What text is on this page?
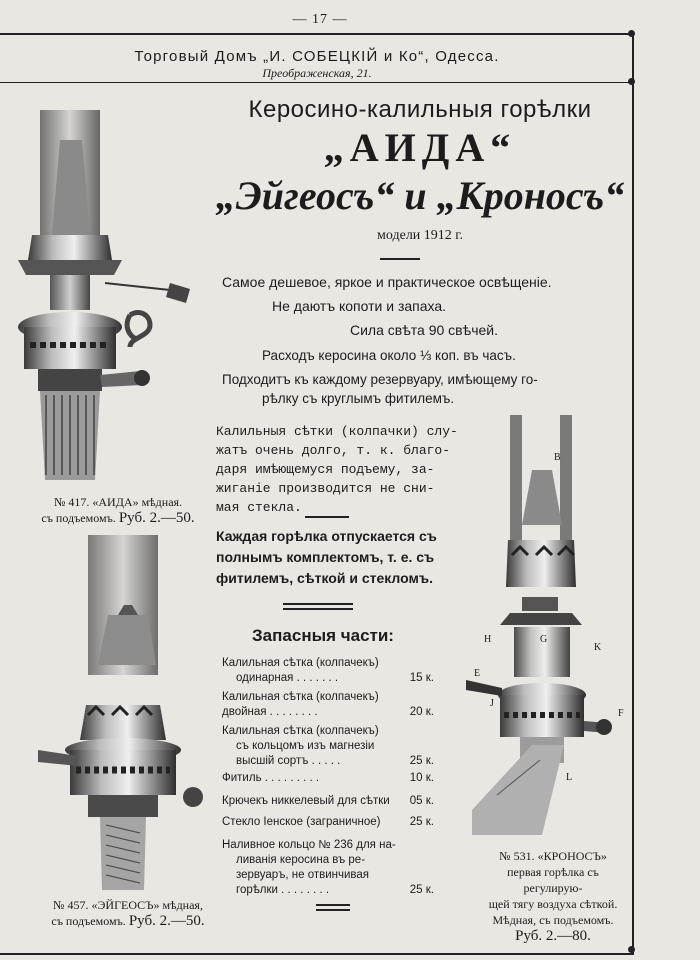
— 17 —
Торговый Домъ „И. СОБЕЦКІЙ и Ко“, Одесса.
Преображенская, 21.
Керосино-калильныя горѣлки
„АИДА“
„Эйгеосъ“ и „Кроносъ“
модели 1912 г.
Самое дешевое, яркое и практическое освѣщеніе.
Не даютъ копоти и запаха.
Сила свѣта 90 свѣчей.
Расходъ керосина около ⅓ коп. въ часъ.
Подходитъ къ каждому резервуару, имѣющему го-
рѣлку съ круглымъ фитилемъ.
Калильныя сѣтки (колпачки) слу-
жатъ очень долго, т. к. благо-
даря имѣющемуся подъему, за-
жиганіе производится не сни-
мая стекла.
Каждая горѣлка отпускается съ
полнымъ комплектомъ, т. е. съ
фитилемъ, сѣткой и стекломъ.
Запасныя части:
Калильная сѣтка (колпачекъ)
одинарная . . . . . . .	15 к.
Калильная сѣтка (колпачекъ)
двойная . . . . . . . .	20 к.
Калильная сѣтка (колпачекъ)
съ кольцомъ изъ магнезіи
высшій сортъ . . . . .	25 к.
Фитиль . . . . . . . . .	10 к.
Крючекъ никкелевый для сѣтки	05 к.
Стекло Іенское (заграничное)	25 к.
Наливное кольцо № 236 для на-
ливанія керосина въ ре-
зервуаръ, не отвинчивая
горѣлки . . . . . . . .	25 к.
№ 417. «АИДА» мѣдная.
съ подъемомъ. Руб. 2.—50.
№ 457. «ЭЙГЕОСЪ» мѣдная,
съ подъемомъ. Руб. 2.—50.
B
H	G
K
E
J
F
L
№ 531. «КРОНОСЪ»
первая горѣлка съ регулирую-
щей тягу воздуха сѣткой.
Мѣдная, съ подъемомъ.
Руб. 2.—80.
